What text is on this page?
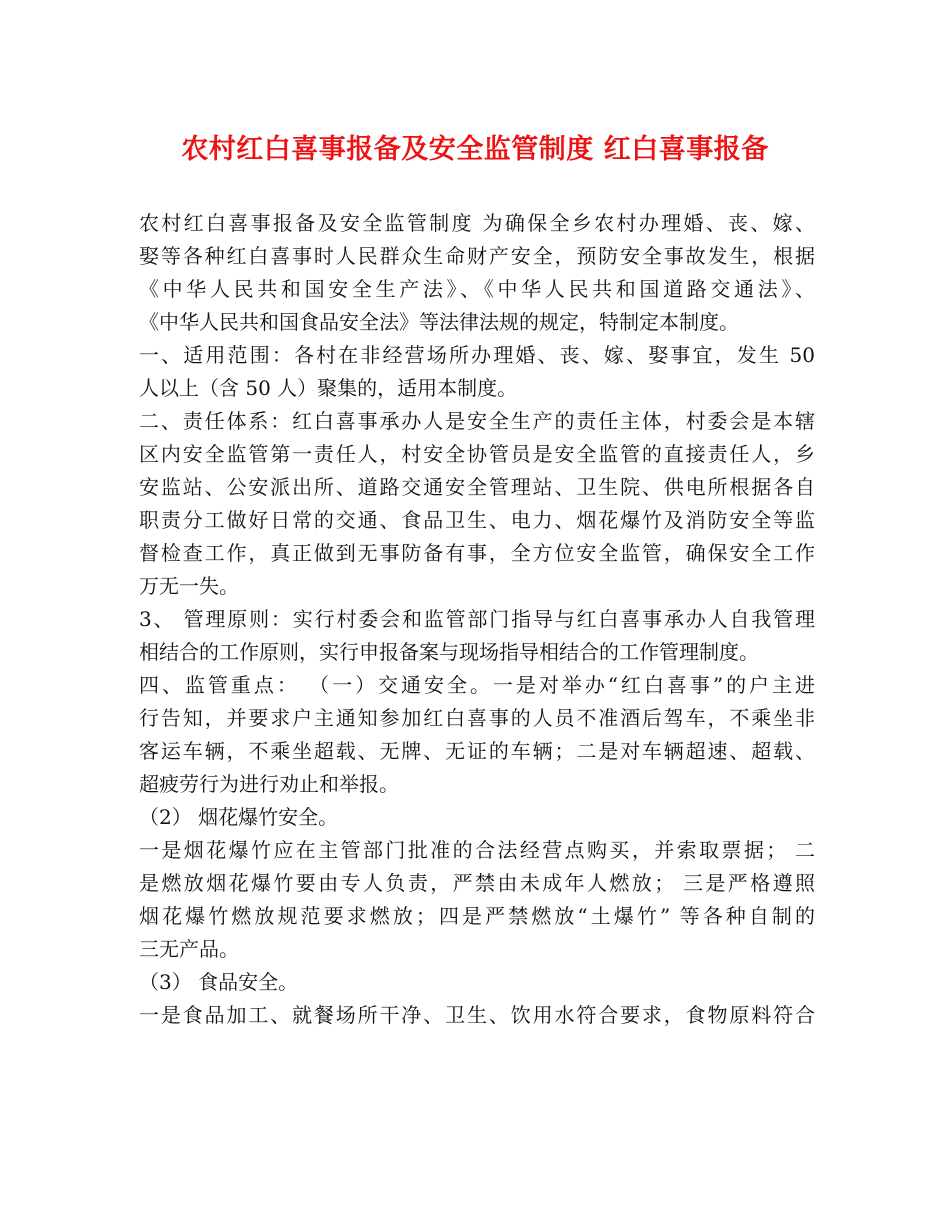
农村红白喜事报备及安全监管制度 红白喜事报备
农村红白喜事报备及安全监管制度 为确保全乡农村办理婚、丧、嫁、
娶等各种红白喜事时人民群众生命财产安全，预防安全事故发生，根据
《中华人民共和国安全生产法》、《中华人民共和国道路交通法》、
《中华人民共和国食品安全法》等法律法规的规定，特制定本制度。
一、适用范围：各村在非经营场所办理婚、丧、嫁、娶事宜，发生 50
人以上（含 50 人）聚集的，适用本制度。
二、责任体系：红白喜事承办人是安全生产的责任主体，村委会是本辖
区内安全监管第一责任人，村安全协管员是安全监管的直接责任人，乡
安监站、公安派出所、道路交通安全管理站、卫生院、供电所根据各自
职责分工做好日常的交通、食品卫生、电力、烟花爆竹及消防安全等监
督检查工作，真正做到无事防备有事，全方位安全监管，确保安全工作
万无一失。
3、 管理原则：实行村委会和监管部门指导与红白喜事承办人自我管理
相结合的工作原则，实行申报备案与现场指导相结合的工作管理制度。
四、监管重点： （一）交通安全。一是对举办“红白喜事”的户主进
行告知，并要求户主通知参加红白喜事的人员不准酒后驾车，不乘坐非
客运车辆，不乘坐超载、无牌、无证的车辆；二是对车辆超速、超载、
超疲劳行为进行劝止和举报。
（2） 烟花爆竹安全。
一是烟花爆竹应在主管部门批准的合法经营点购买，并索取票据； 二
是燃放烟花爆竹要由专人负责，严禁由未成年人燃放； 三是严格遵照
烟花爆竹燃放规范要求燃放；四是严禁燃放“土爆竹” 等各种自制的
三无产品。
（3） 食品安全。
一是食品加工、就餐场所干净、卫生、饮用水符合要求，食物原料符合
